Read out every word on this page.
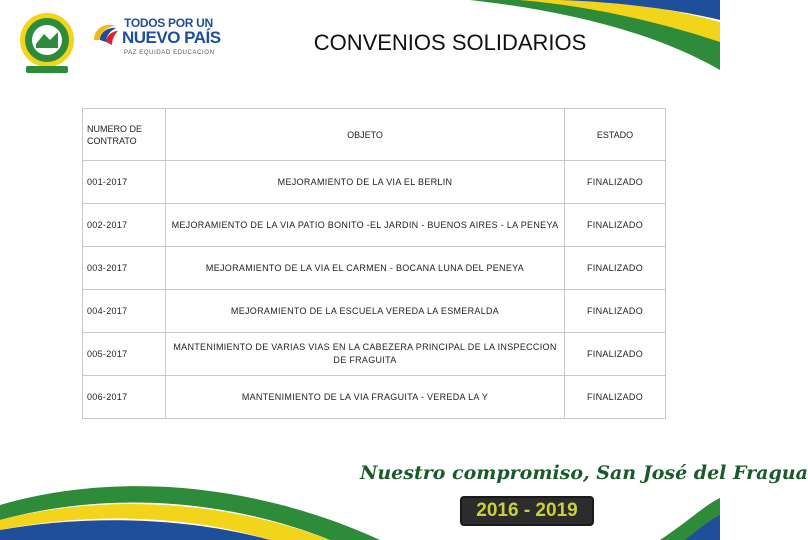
TODOS POR UN
NUEVO PAÍS
PAZ EQUIDAD EDUCACION	CONVENIOS SOLIDARIOS
NUMERO DE CONTRATO	OBJETO	ESTADO
001-2017	MEJORAMIENTO DE LA VIA EL BERLIN	FINALIZADO
002-2017	MEJORAMIENTO DE LA VIA PATIO BONITO -EL JARDIN - BUENOS AIRES - LA PENEYA	FINALIZADO
003-2017	MEJORAMIENTO DE LA VIA EL CARMEN - BOCANA LUNA DEL PENEYA	FINALIZADO
004-2017	MEJORAMIENTO DE LA ESCUELA VEREDA LA ESMERALDA	FINALIZADO
005-2017	MANTENIMIENTO DE VARIAS VIAS EN LA CABEZERA PRINCIPAL DE LA INSPECCION DE FRAGUITA	FINALIZADO
006-2017	MANTENIMIENTO DE LA VIA FRAGUITA - VEREDA LA Y	FINALIZADO
Nuestro compromiso, San José del Fragua
2016 - 2019
